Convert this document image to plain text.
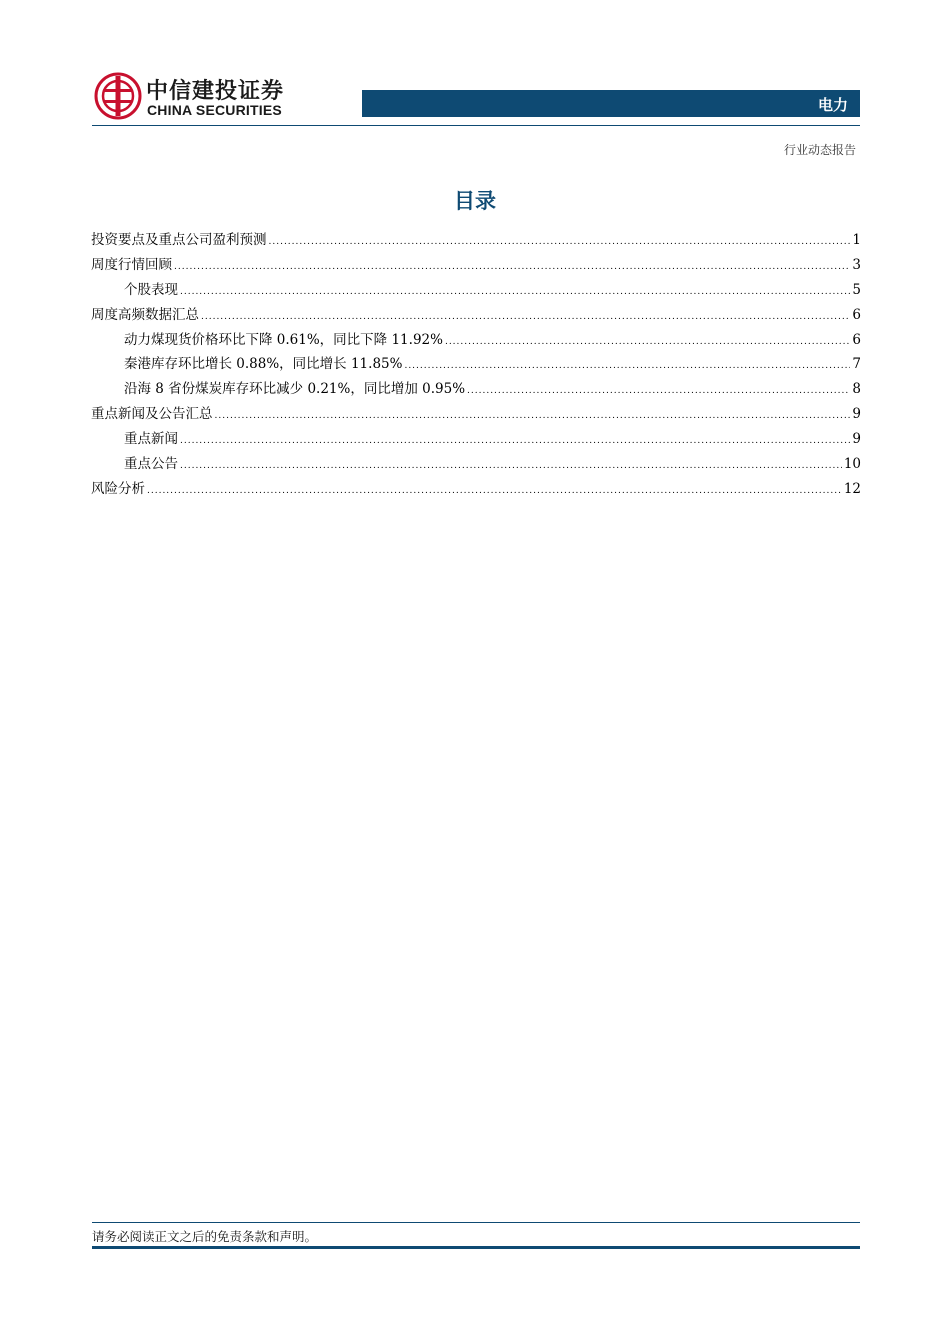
中信建投证券
CHINA SECURITIES	电力
行业动态报告
目录
投资要点及重点公司盈利预测 .....	1
周度行情回顾 .....	3
个股表现 .....	5
周度高频数据汇总 .....	6
动力煤现货价格环比下降 0.61%，同比下降 11.92% .....	6
秦港库存环比增长 0.88%，同比增长 11.85% .....	7
沿海 8 省份煤炭库存环比减少 0.21%，同比增加 0.95% .....	8
重点新闻及公告汇总 .....	9
重点新闻 .....	9
重点公告 .....	10
风险分析 .....	12
请务必阅读正文之后的免责条款和声明。
